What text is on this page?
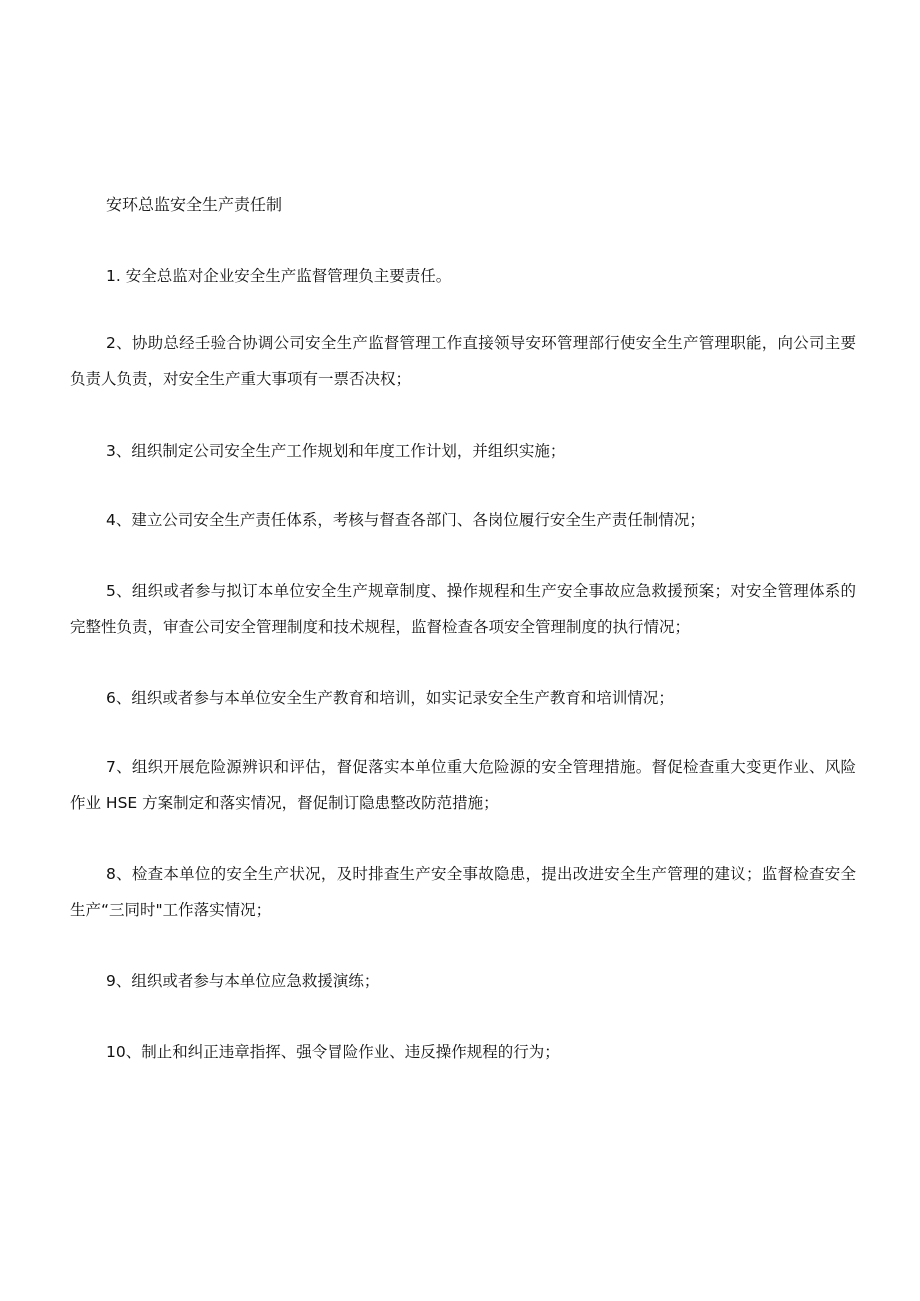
安环总监安全生产责任制
1. 安全总监对企业安全生产监督管理负主要责任。
2、协助总经壬验合协调公司安全生产监督管理工作直接领导安环管理部行使安全生产管理职能，向公司主要负责人负责，对安全生产重大事项有一票否决权；
3、组织制定公司安全生产工作规划和年度工作计划，并组织实施；
4、建立公司安全生产责任体系，考核与督查各部门、各岗位履行安全生产责任制情况；
5、组织或者参与拟订本单位安全生产规章制度、操作规程和生产安全事故应急救援预案；对安全管理体系的完整性负责，审查公司安全管理制度和技术规程，监督检查各项安全管理制度的执行情况；
6、组织或者参与本单位安全生产教育和培训，如实记录安全生产教育和培训情况；
7、组织开展危险源辨识和评估，督促落实本单位重大危险源的安全管理措施。督促检查重大变更作业、风险作业 HSE 方案制定和落实情况，督促制订隐患整改防范措施；
8、检查本单位的安全生产状况，及时排查生产安全事故隐患，提出改进安全生产管理的建议；监督检查安全生产“三同时"工作落实情况；
9、组织或者参与本单位应急救援演练；
10、制止和纠正违章指挥、强令冒险作业、违反操作规程的行为；
